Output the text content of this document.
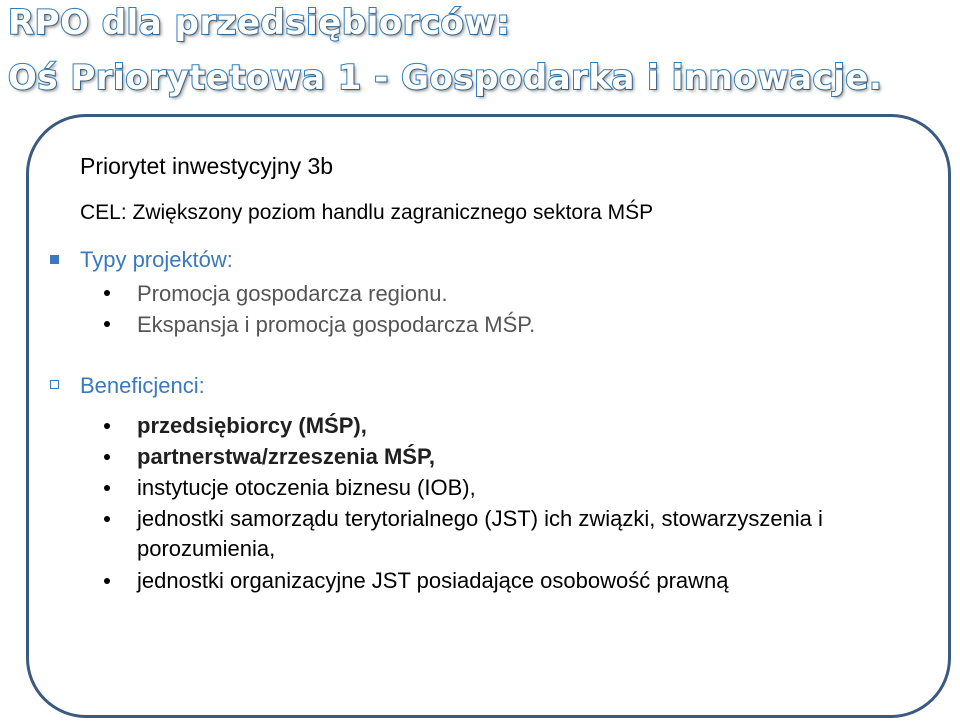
RPO dla przedsiębiorców:
Oś Priorytetowa 1 - Gospodarka i innowacje.
Priorytet inwestycyjny 3b
CEL: Zwiększony poziom handlu zagranicznego sektora MŚP
Typy projektów:
Promocja gospodarcza regionu.
Ekspansja i promocja gospodarcza MŚP.
Beneficjenci:
przedsiębiorcy (MŚP),
partnerstwa/zrzeszenia MŚP,
instytucje otoczenia biznesu (IOB),
jednostki samorządu terytorialnego (JST) ich związki, stowarzyszenia i
porozumienia,
jednostki organizacyjne JST posiadające osobowość prawną
